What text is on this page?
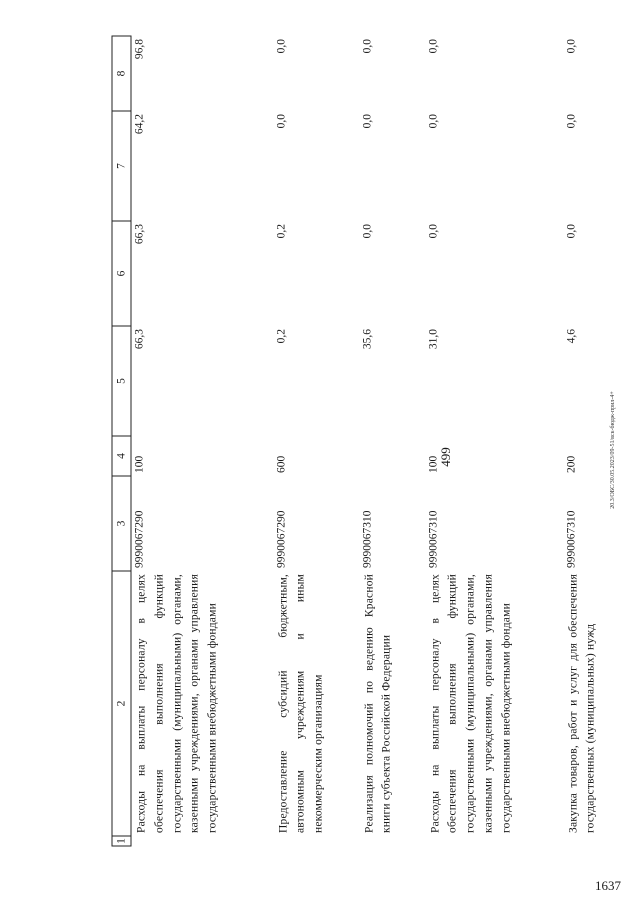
499
1	2	3	4	5	6	7	8
	Расходы на выплаты персоналу в целях обеспечения выполнения функций государственными (муниципальными) органами, казенными учреждениями, органами управления государственными внебюджетными фондами	9990067290	100	66,3	66,3	64,2	96,8
	Предоставление субсидий бюджетным, автономным учреждениям и иным некоммерческим организациям	9990067290	600	0,2	0,2	0,0	0,0
	Реализация полномочий по ведению Красной книги субъекта Российской Федерации	9990067310		35,6	0,0	0,0	0,0
	Расходы на выплаты персоналу в целях обеспечения выполнения функций государственными (муниципальными) органами, казенными учреждениями, органами управления государственными внебюджетными фондами	9990067310	100	31,0	0,0	0,0	0,0
	Закупка товаров, работ и услуг для обеспечения государственных (муниципальных) нужд	9990067310	200	4,6	0,0	0,0	0,0
20.3/ОБС/30.05.2023/09-51/вск-бюдж-прил-4+
1637
